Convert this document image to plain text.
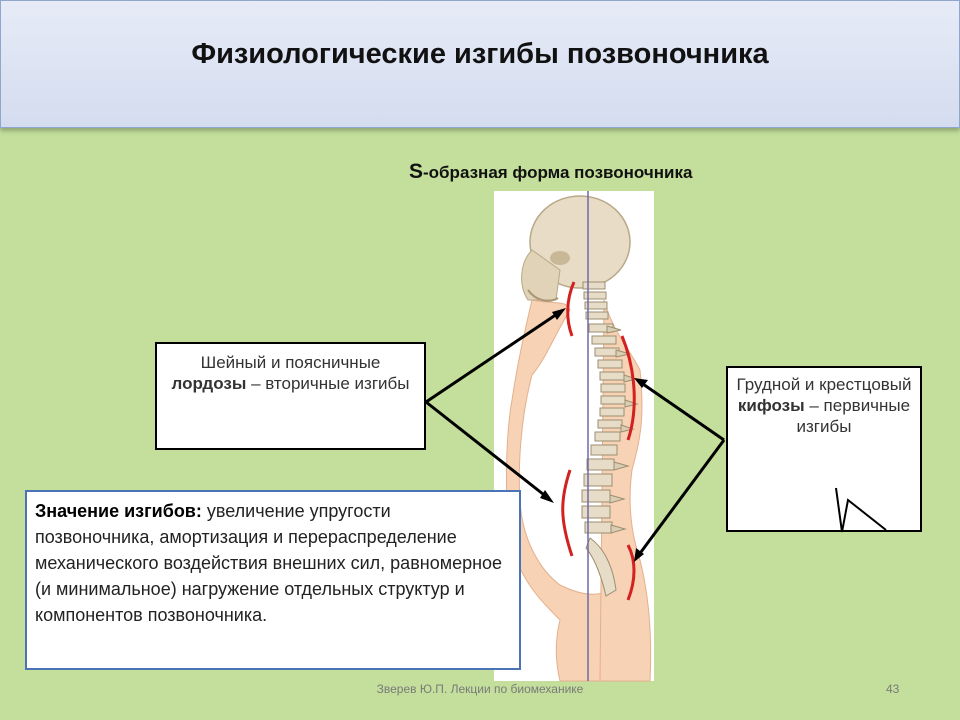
Физиологические изгибы позвоночника
S-образная форма позвоночника
Шейный и поясничные
лордозы – вторичные изгибы	Грудной и крестцовый
кифозы – первичные изгибы
Значение изгибов: увеличение упругости позвоночника, амортизация и перераспределение механического воздействия внешних сил, равномерное (и минимальное) нагружение отдельных структур и компонентов позвоночника.
Зверев Ю.П. Лекции по биомеханике	43
